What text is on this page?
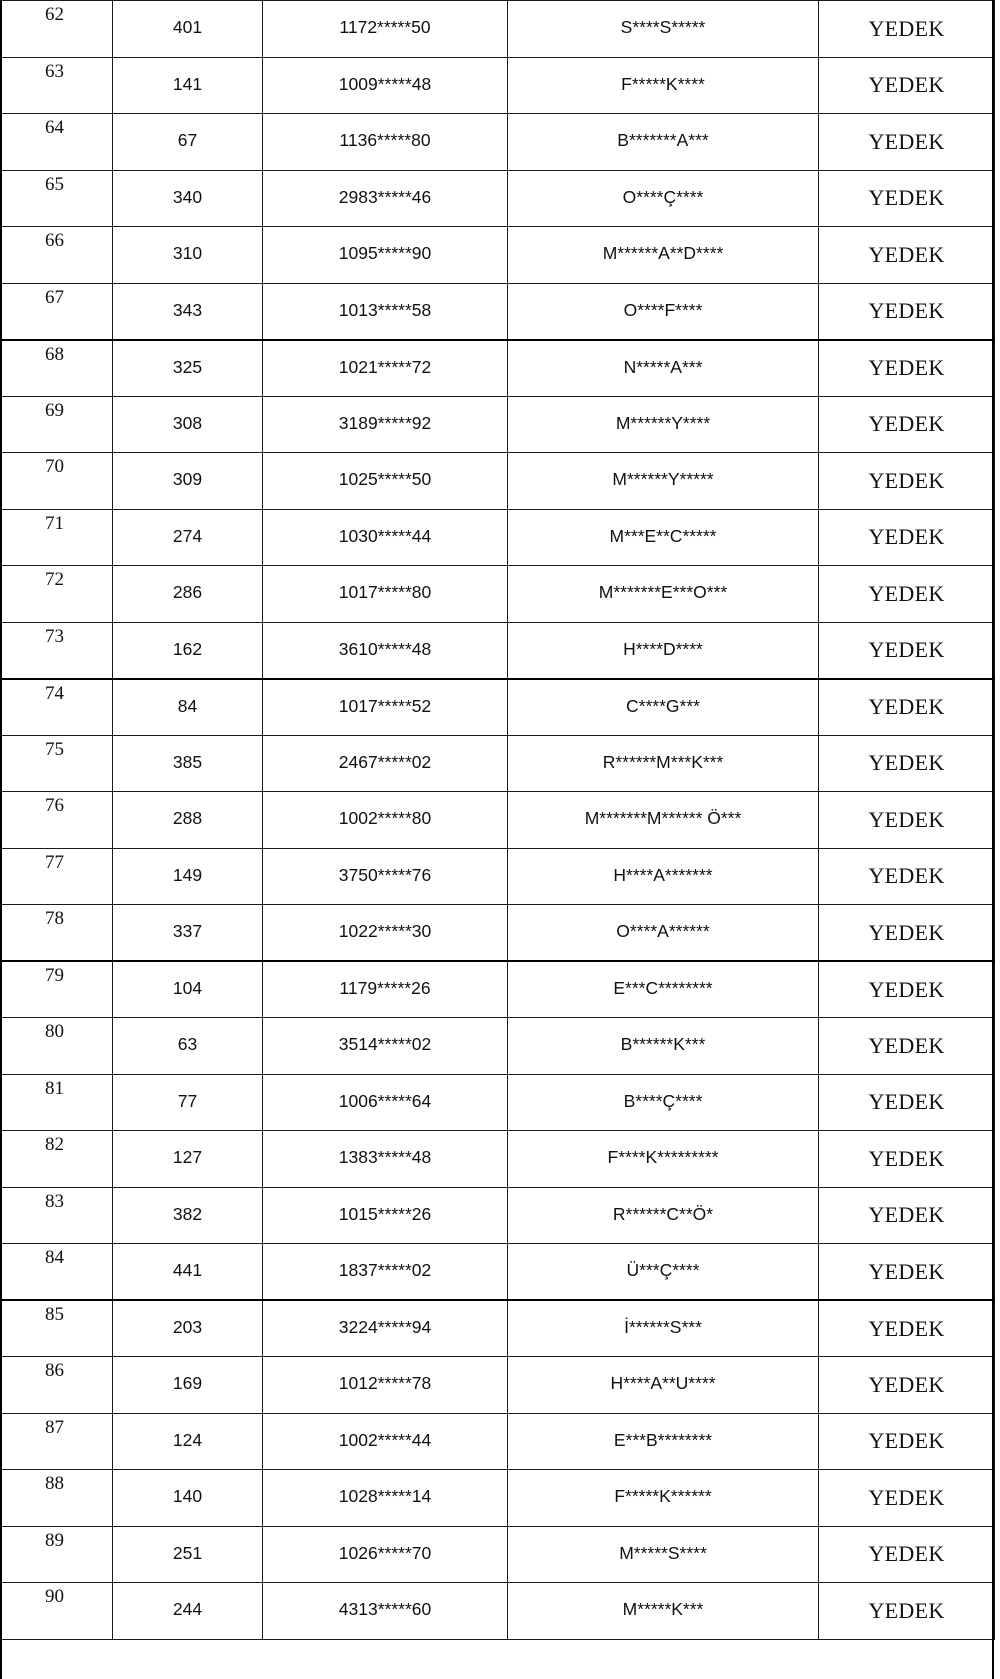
62	401	1172*****50	S****S*****	YEDEK
63	141	1009*****48	F*****K****	YEDEK
64	67	1136*****80	B*******A***	YEDEK
65	340	2983*****46	O****Ç****	YEDEK
66	310	1095*****90	M******A**D****	YEDEK
67	343	1013*****58	O****F****	YEDEK
68	325	1021*****72	N*****A***	YEDEK
69	308	3189*****92	M******Y****	YEDEK
70	309	1025*****50	M******Y*****	YEDEK
71	274	1030*****44	M***E**C*****	YEDEK
72	286	1017*****80	M*******E***O***	YEDEK
73	162	3610*****48	H****D****	YEDEK
74	84	1017*****52	C****G***	YEDEK
75	385	2467*****02	R******M***K***	YEDEK
76	288	1002*****80	M*******M****** Ö***	YEDEK
77	149	3750*****76	H****A*******	YEDEK
78	337	1022*****30	O****A******	YEDEK
79	104	1179*****26	E***C********	YEDEK
80	63	3514*****02	B******K***	YEDEK
81	77	1006*****64	B****Ç****	YEDEK
82	127	1383*****48	F****K*********	YEDEK
83	382	1015*****26	R******C**Ö*	YEDEK
84	441	1837*****02	Ü***Ç****	YEDEK
85	203	3224*****94	İ******S***	YEDEK
86	169	1012*****78	H****A**U****	YEDEK
87	124	1002*****44	E***B********	YEDEK
88	140	1028*****14	F*****K******	YEDEK
89	251	1026*****70	M*****S****	YEDEK
90	244	4313*****60	M*****K***	YEDEK
